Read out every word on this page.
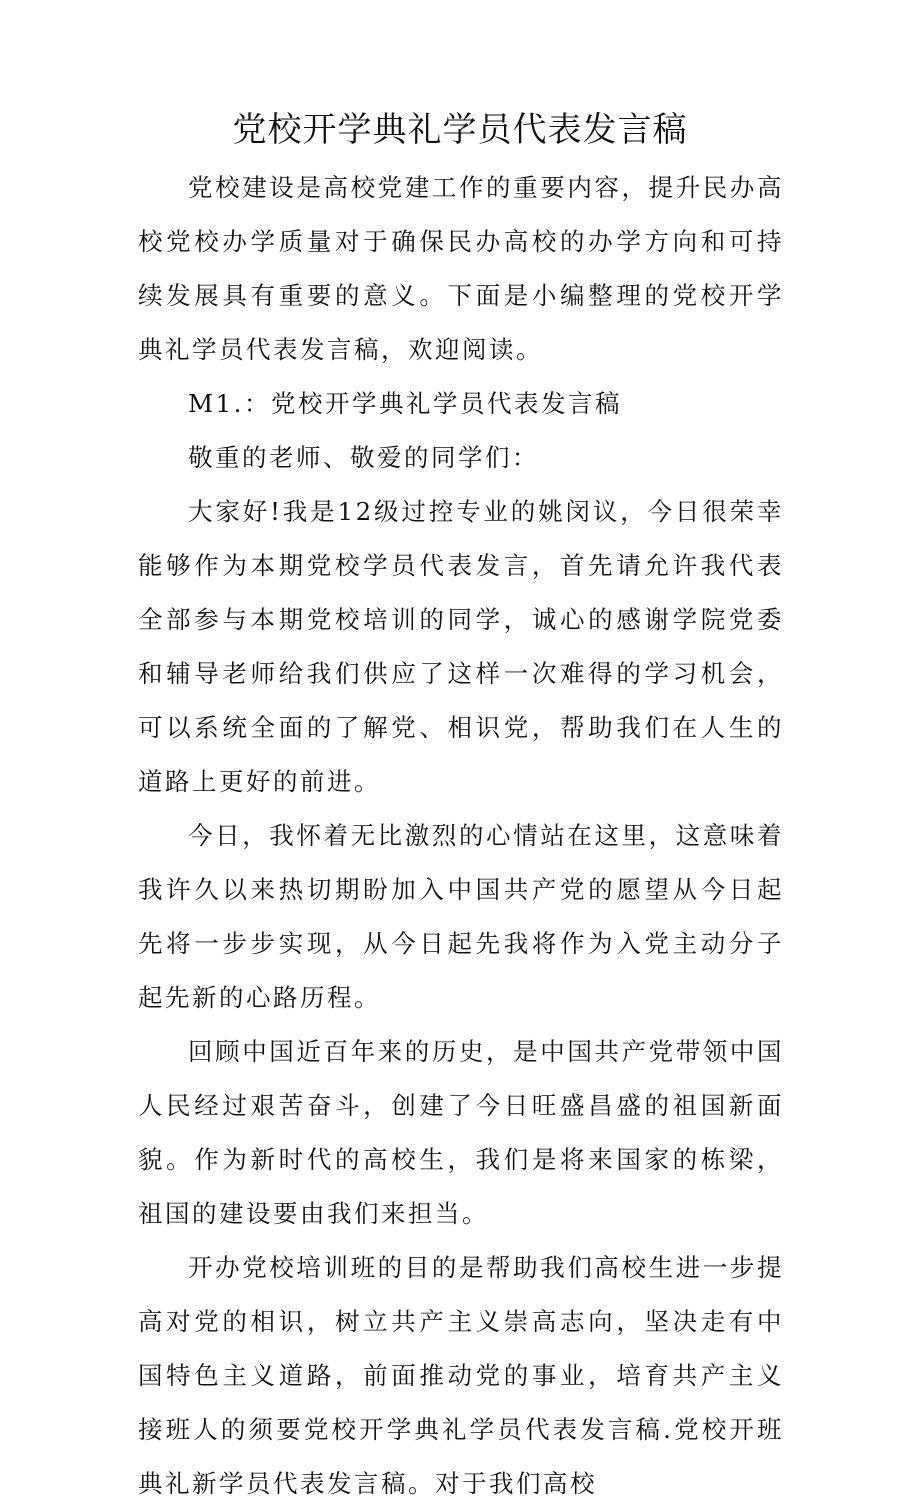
党校开学典礼学员代表发言稿

党校建设是高校党建工作的重要内容，提升民办高校党校办学质量对于确保民办高校的办学方向和可持续发展具有重要的意义。下面是小编整理的党校开学典礼学员代表发言稿，欢迎阅读。

M1.：党校开学典礼学员代表发言稿

敬重的老师、敬爱的同学们：

大家好!我是12级过控专业的姚闵议，今日很荣幸能够作为本期党校学员代表发言，首先请允许我代表全部参与本期党校培训的同学，诚心的感谢学院党委和辅导老师给我们供应了这样一次难得的学习机会，可以系统全面的了解党、相识党，帮助我们在人生的道路上更好的前进。

今日，我怀着无比激烈的心情站在这里，这意味着我许久以来热切期盼加入中国共产党的愿望从今日起先将一步步实现，从今日起先我将作为入党主动分子起先新的心路历程。

回顾中国近百年来的历史，是中国共产党带领中国人民经过艰苦奋斗，创建了今日旺盛昌盛的祖国新面貌。作为新时代的高校生，我们是将来国家的栋梁，祖国的建设要由我们来担当。

开办党校培训班的目的是帮助我们高校生进一步提高对党的相识，树立共产主义崇高志向，坚决走有中国特色主义道路，前面推动党的事业，培育共产主义接班人的须要党校开学典礼学员代表发言稿.党校开班典礼新学员代表发言稿。对于我们高校
